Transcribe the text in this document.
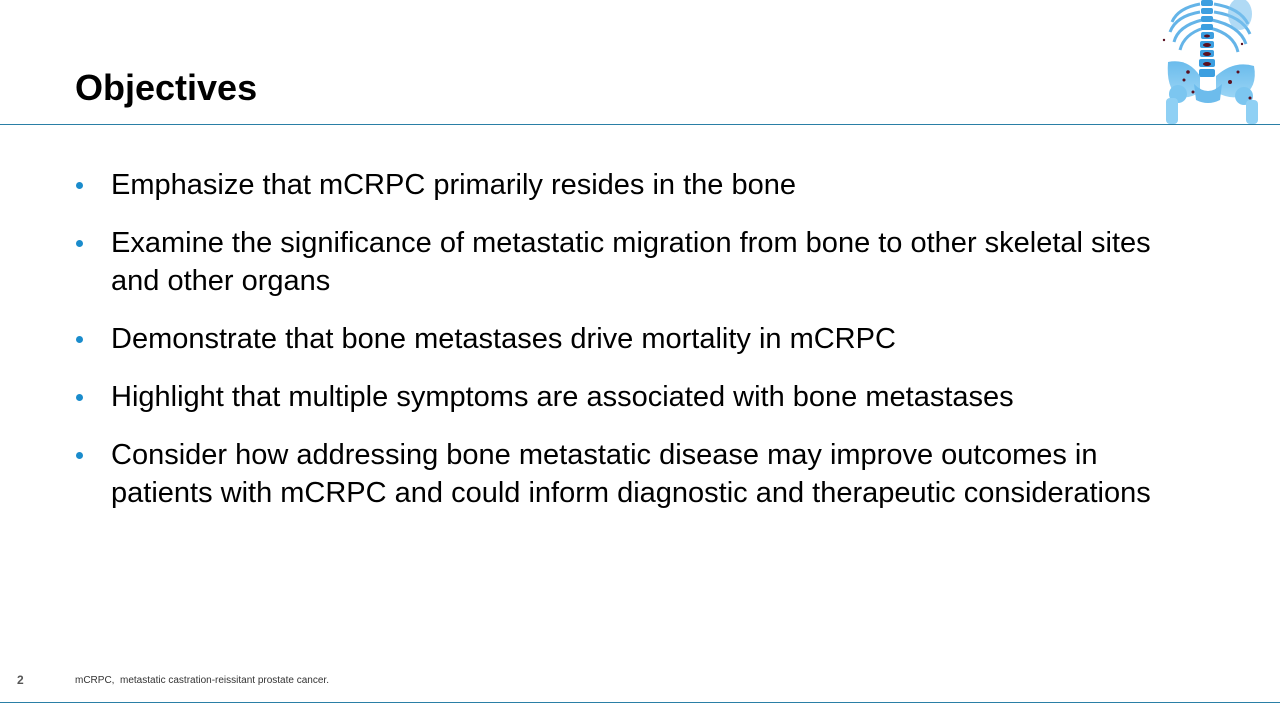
Objectives
Emphasize that mCRPC primarily resides in the bone
Examine the significance of metastatic migration from bone to other skeletal sites and other organs
Demonstrate that bone metastases drive mortality in mCRPC
Highlight that multiple symptoms are associated with bone metastases
Consider how addressing bone metastatic disease may improve outcomes in patients with mCRPC and could inform diagnostic and therapeutic considerations
2	mCRPC,  metastatic castration-reissitant prostate cancer.
